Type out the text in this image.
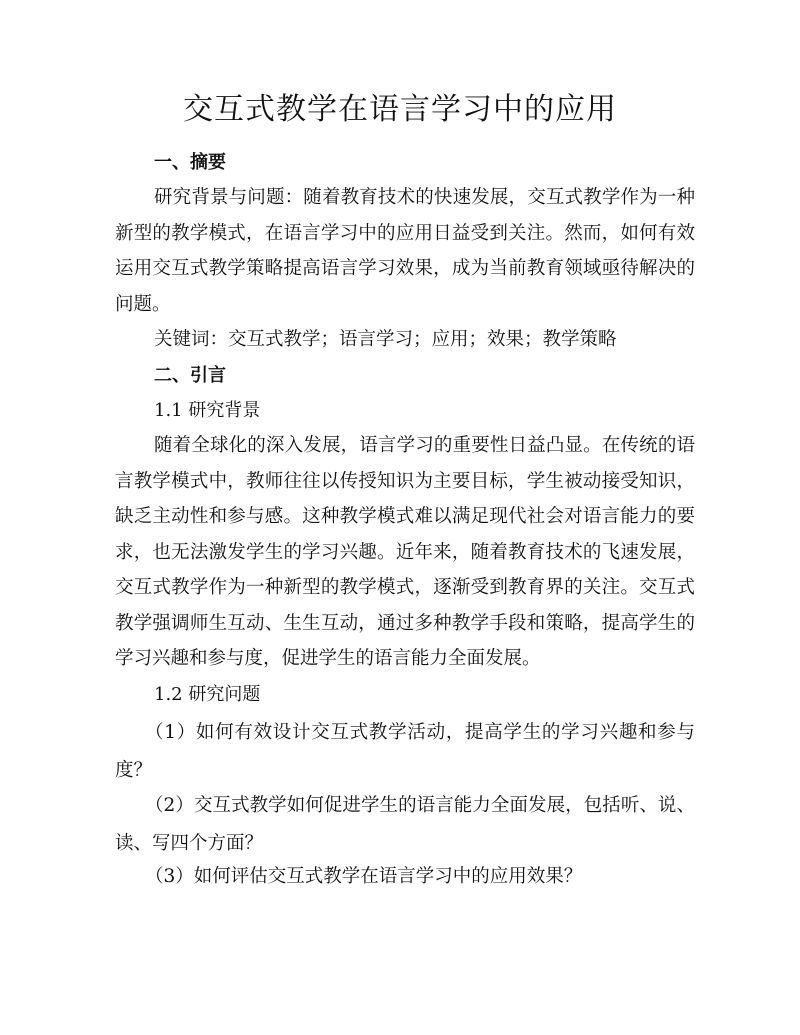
交互式教学在语言学习中的应用

一、摘要

研究背景与问题：随着教育技术的快速发展，交互式教学作为一种新型的教学模式，在语言学习中的应用日益受到关注。然而，如何有效运用交互式教学策略提高语言学习效果，成为当前教育领域亟待解决的问题。

关键词：交互式教学；语言学习；应用；效果；教学策略

二、引言

1.1 研究背景

随着全球化的深入发展，语言学习的重要性日益凸显。在传统的语言教学模式中，教师往往以传授知识为主要目标，学生被动接受知识，缺乏主动性和参与感。这种教学模式难以满足现代社会对语言能力的要求，也无法激发学生的学习兴趣。近年来，随着教育技术的飞速发展，交互式教学作为一种新型的教学模式，逐渐受到教育界的关注。交互式教学强调师生互动、生生互动，通过多种教学手段和策略，提高学生的学习兴趣和参与度，促进学生的语言能力全面发展。

1.2 研究问题

（1）如何有效设计交互式教学活动，提高学生的学习兴趣和参与度？

（2）交互式教学如何促进学生的语言能力全面发展，包括听、说、读、写四个方面？

（3）如何评估交互式教学在语言学习中的应用效果？
